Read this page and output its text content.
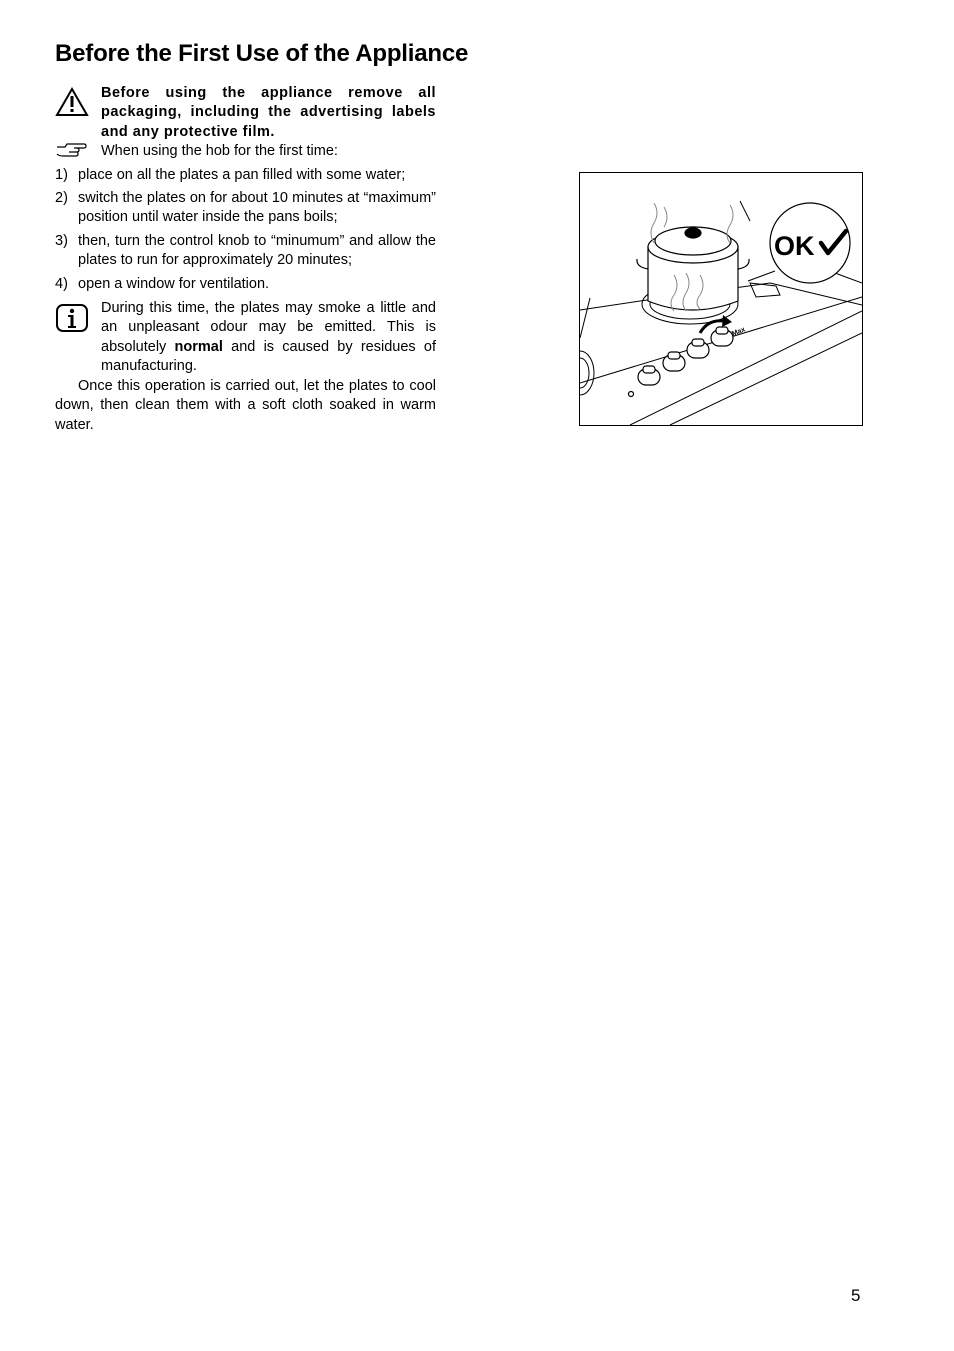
Before the First Use of the Appliance
Before using the appliance remove all packaging, including the advertising labels and any protective film.
When using the hob for the first time:
1) place on all the plates a pan filled with some water;
2) switch the plates on for about 10 minutes at “maximum” position until water inside the pans boils;
3) then, turn the control knob to “minumum” and allow the plates to run for approximately 20 minutes;
4) open a window for ventilation.
During this time, the plates may smoke a little and an unpleasant odour may be emitted. This is absolutely normal and is caused by residues of manufacturing.

Once this operation is carried out, let the plates to cool down, then clean them with a soft cloth soaked in warm water.

Max
OK
5
